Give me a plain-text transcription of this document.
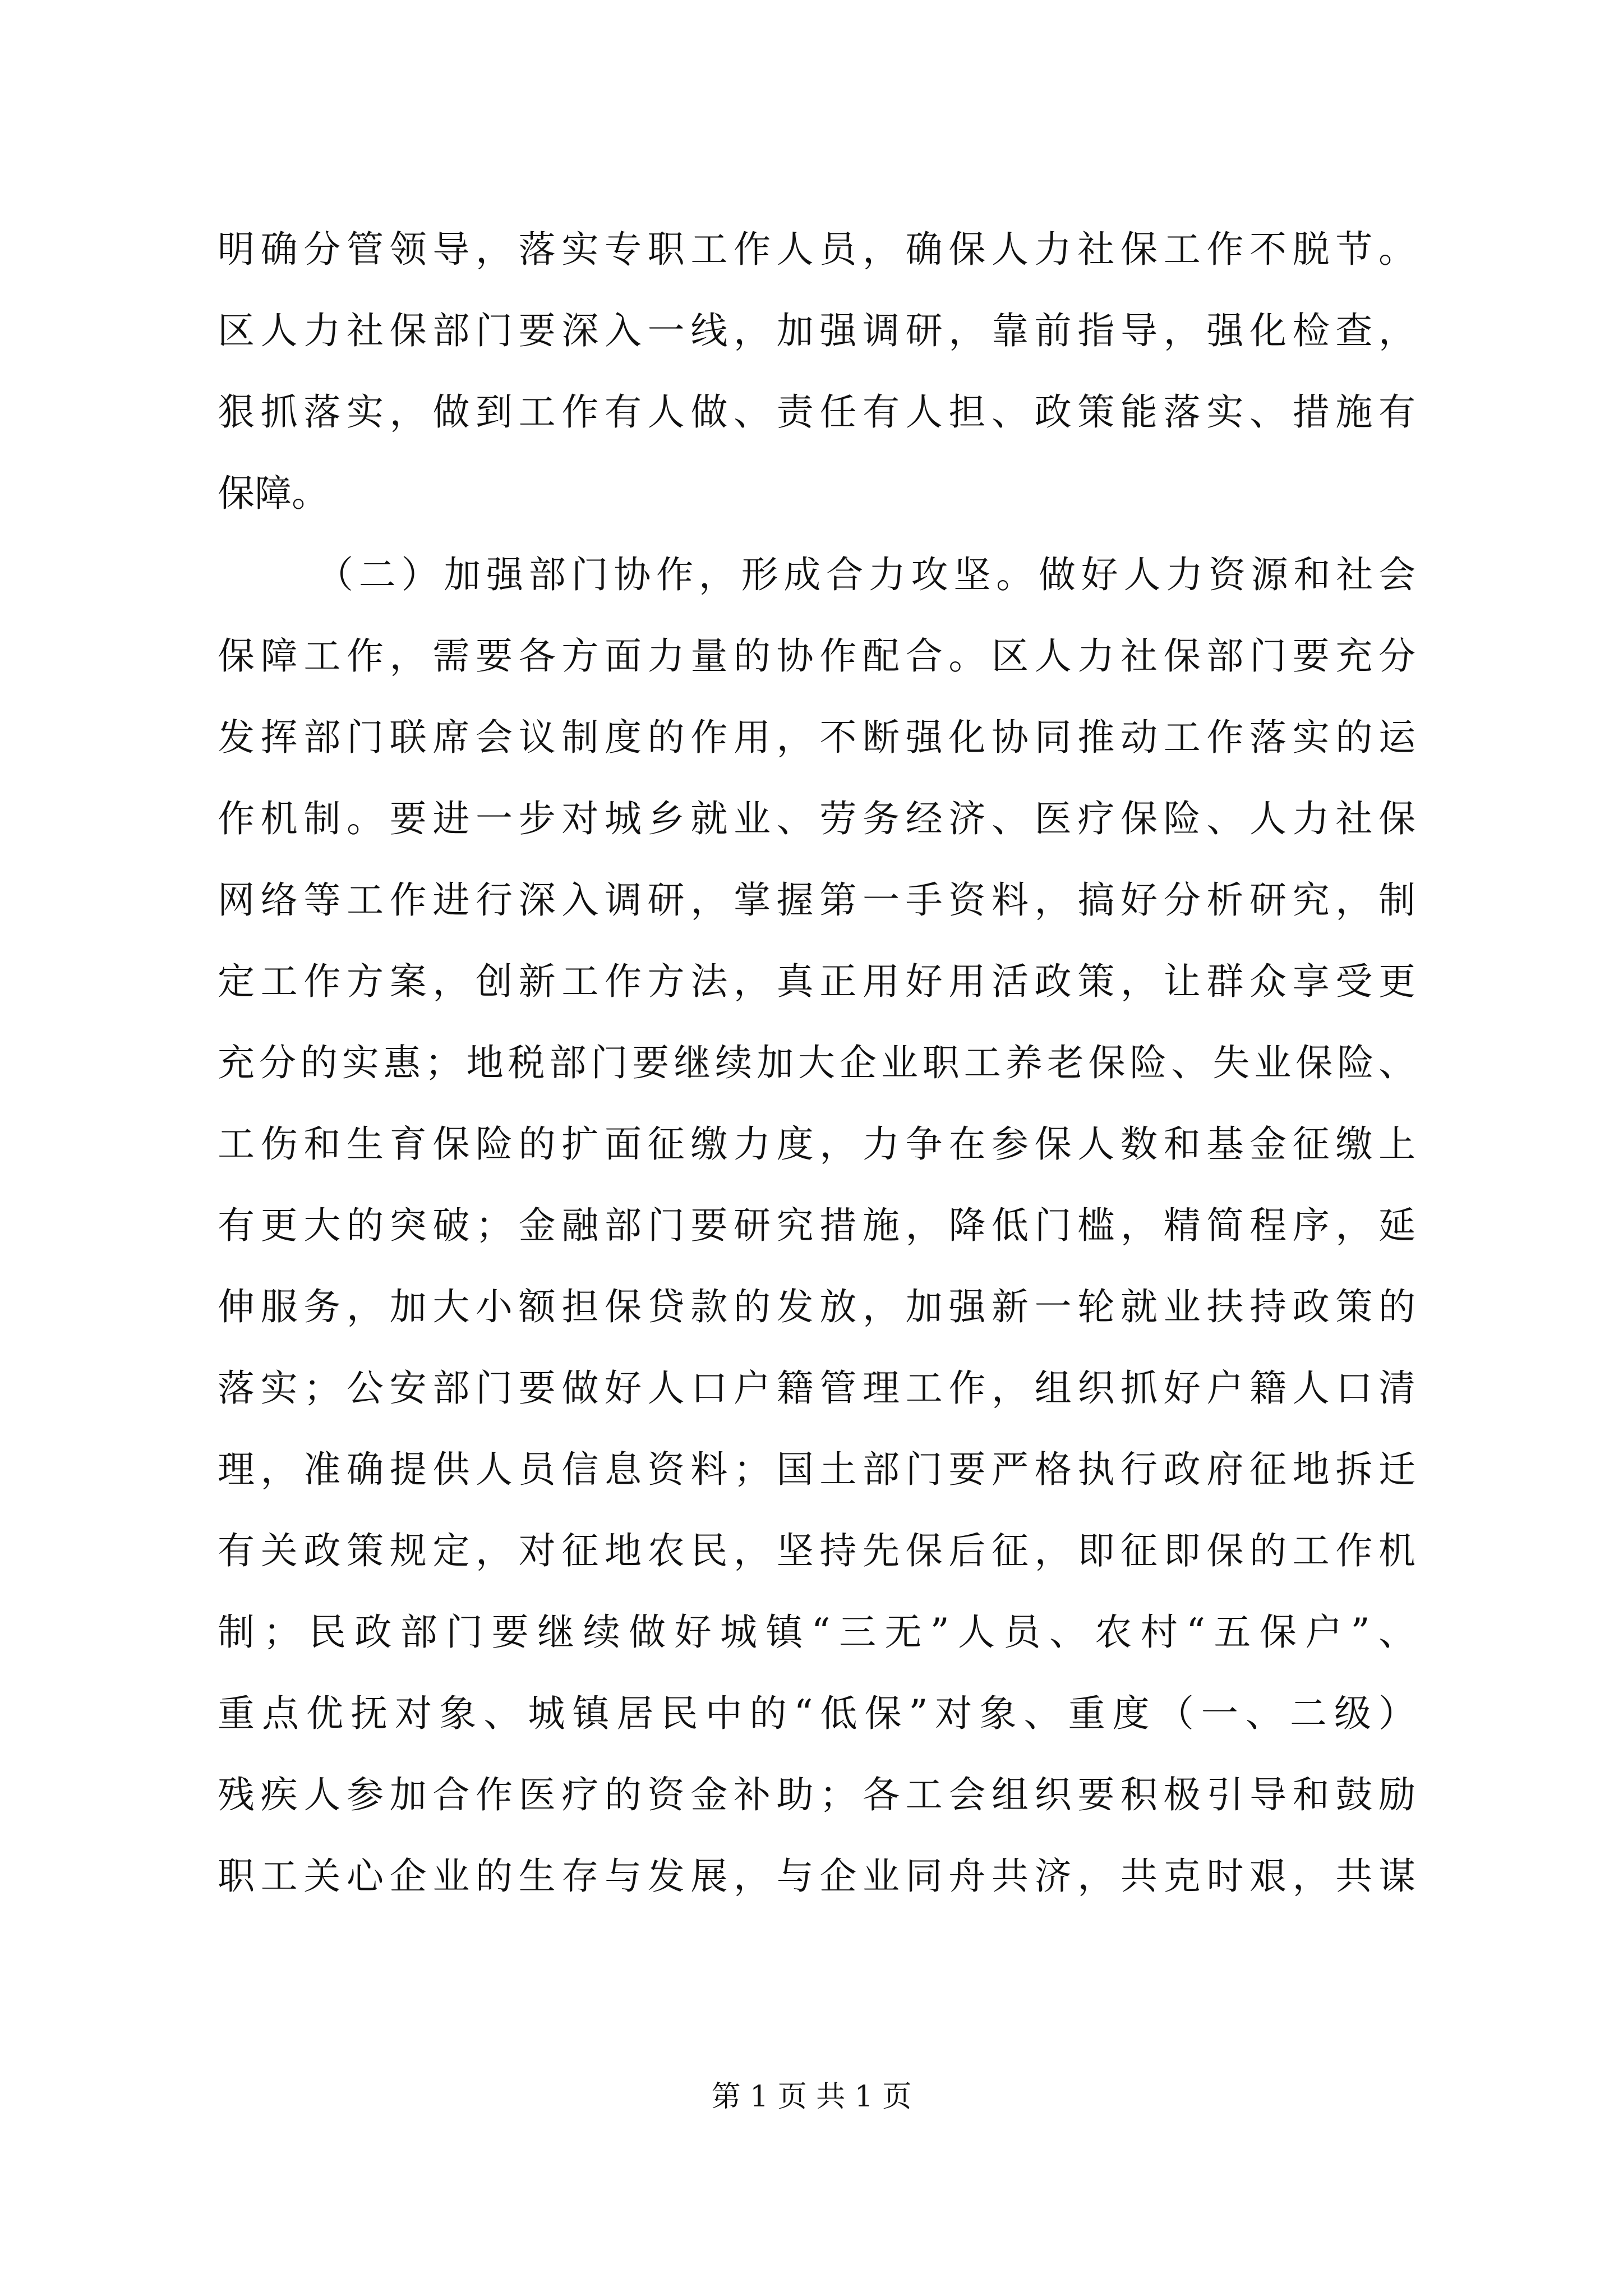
明确分管领导，落实专职工作人员，确保人力社保工作不脱节。
区人力社保部门要深入一线，加强调研，靠前指导，强化检查，
狠抓落实，做到工作有人做、责任有人担、政策能落实、措施有
保障。
（二）加强部门协作，形成合力攻坚。做好人力资源和社会
保障工作，需要各方面力量的协作配合。区人力社保部门要充分
发挥部门联席会议制度的作用，不断强化协同推动工作落实的运
作机制。要进一步对城乡就业、劳务经济、医疗保险、人力社保
网络等工作进行深入调研，掌握第一手资料，搞好分析研究，制
定工作方案，创新工作方法，真正用好用活政策，让群众享受更
充分的实惠；地税部门要继续加大企业职工养老保险、失业保险、
工伤和生育保险的扩面征缴力度，力争在参保人数和基金征缴上
有更大的突破；金融部门要研究措施，降低门槛，精简程序，延
伸服务，加大小额担保贷款的发放，加强新一轮就业扶持政策的
落实；公安部门要做好人口户籍管理工作，组织抓好户籍人口清
理，准确提供人员信息资料；国土部门要严格执行政府征地拆迁
有关政策规定，对征地农民，坚持先保后征，即征即保的工作机
制；民政部门要继续做好城镇“三无”人员、农村“五保户”、
重点优抚对象、城镇居民中的“低保”对象、重度（一、二级）
残疾人参加合作医疗的资金补助；各工会组织要积极引导和鼓励
职工关心企业的生存与发展，与企业同舟共济，共克时艰，共谋
第 1 页 共 1 页
